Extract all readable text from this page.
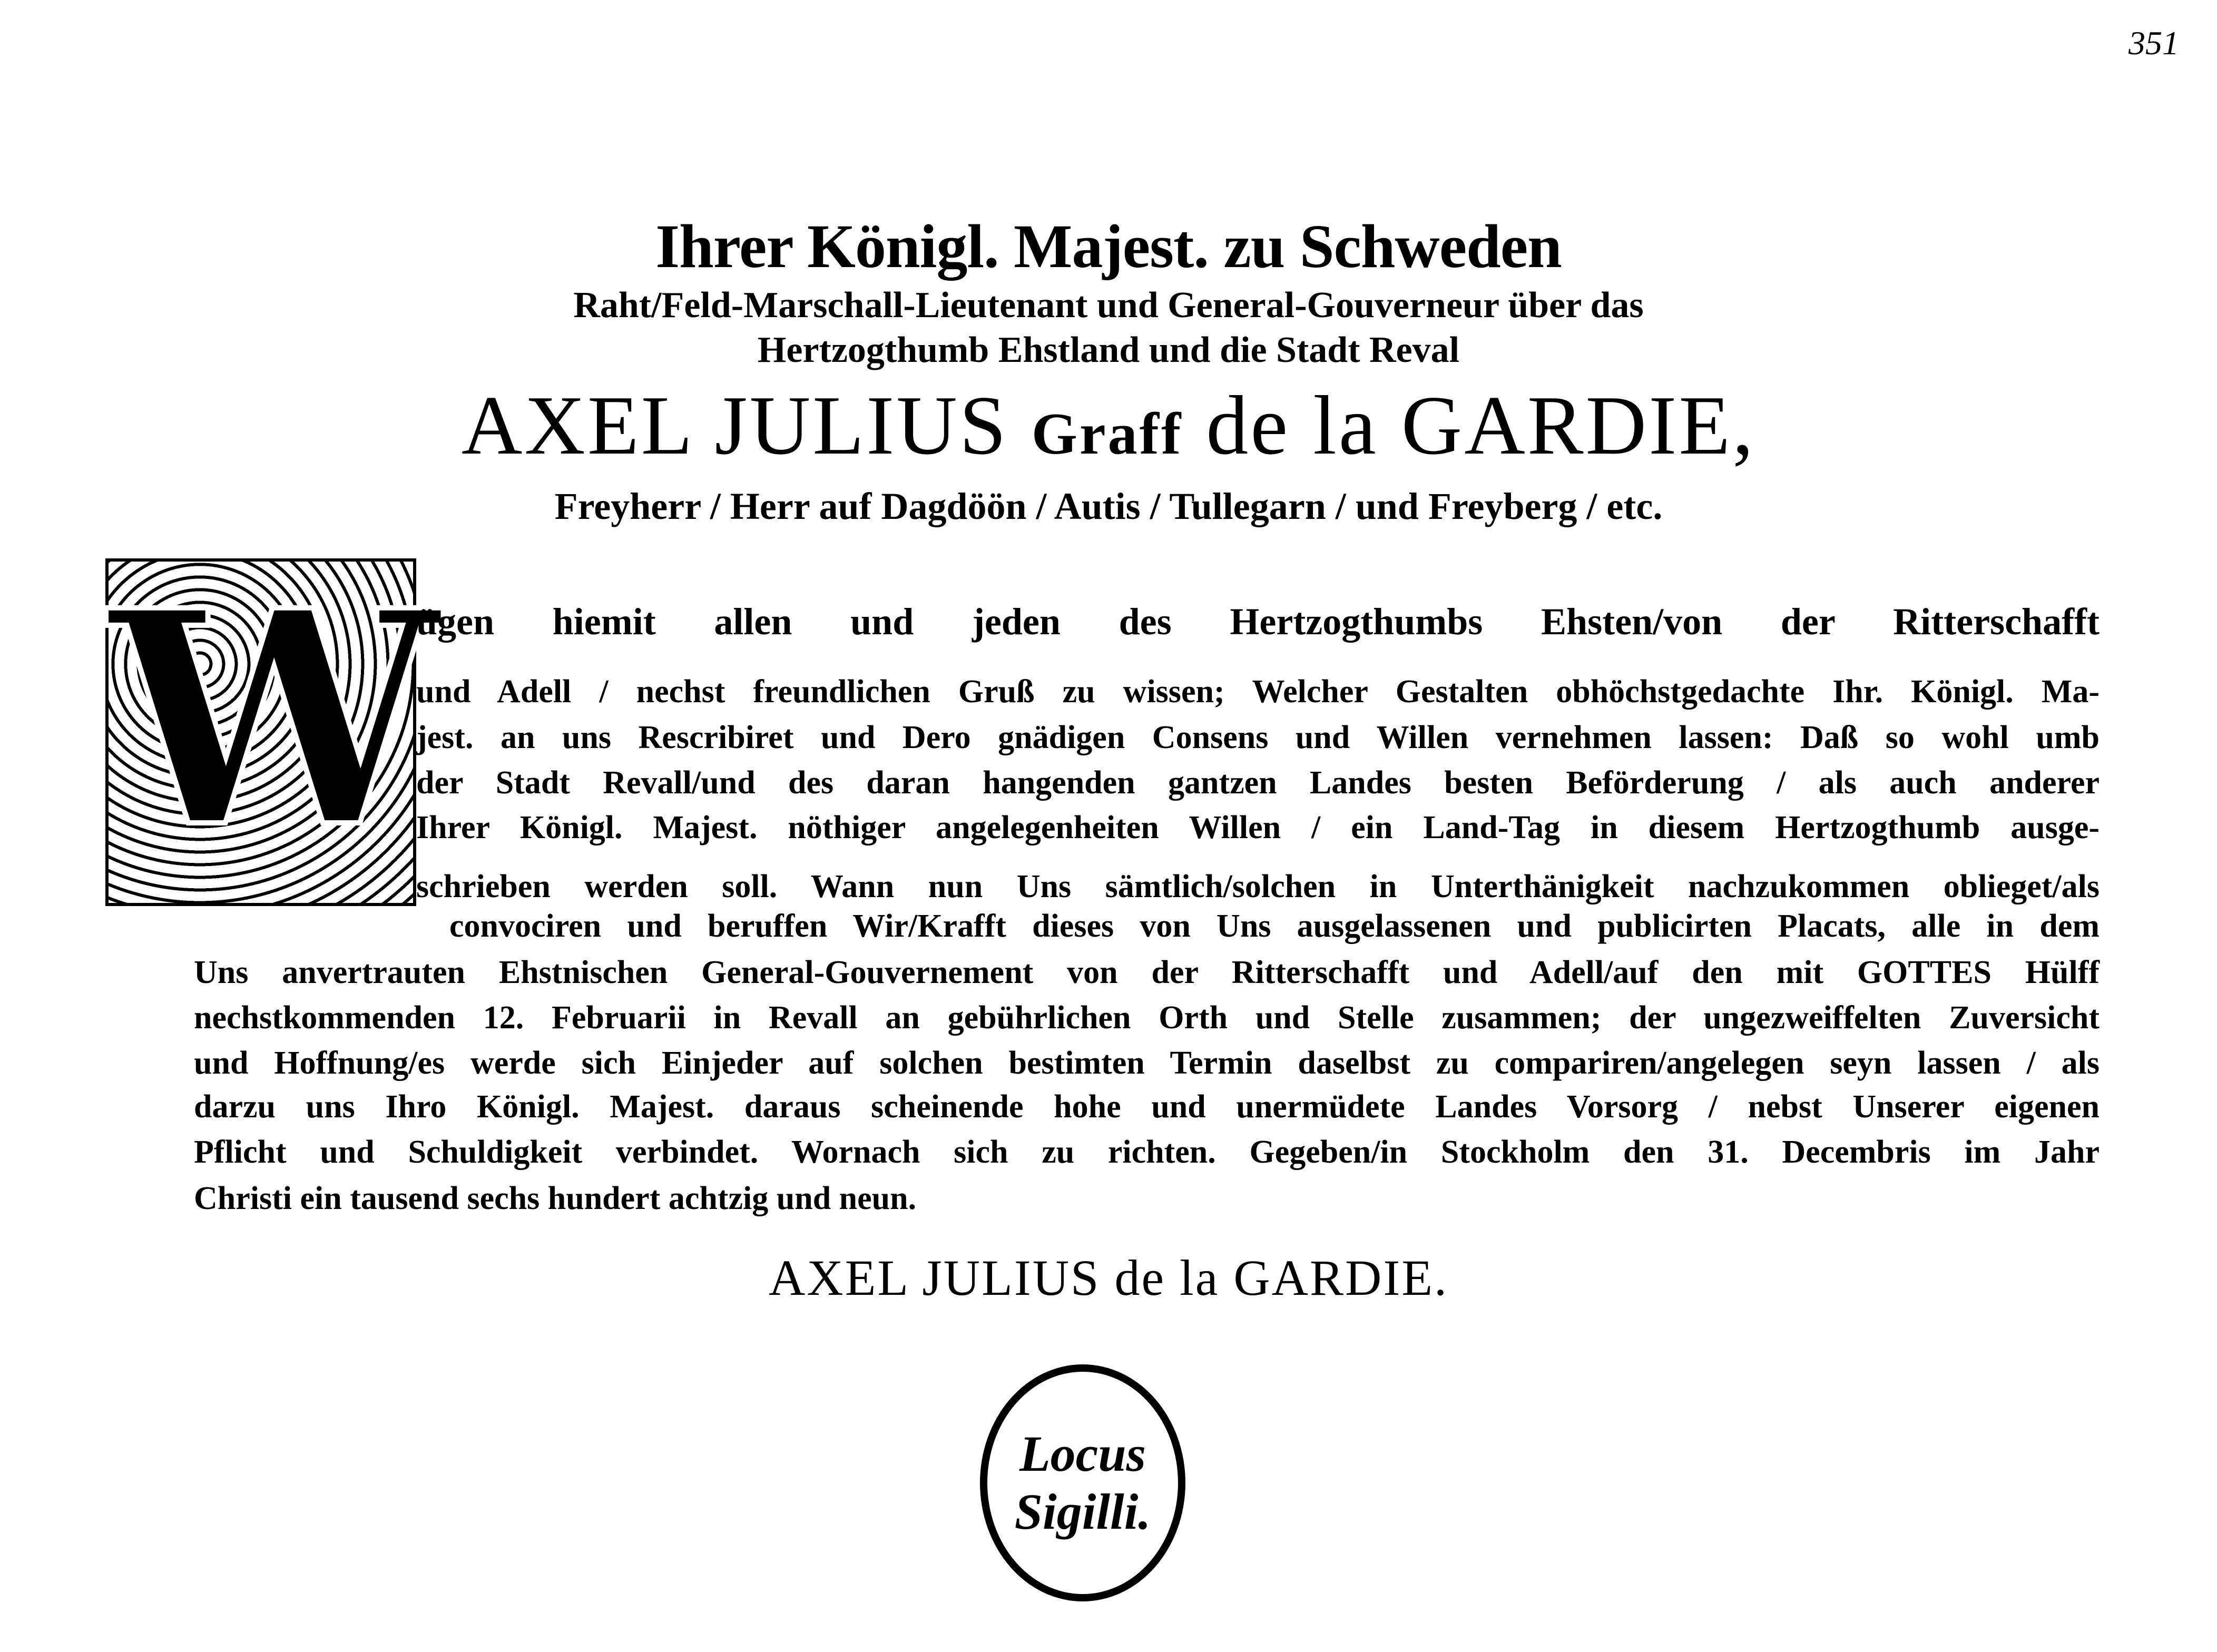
351
Ihrer Königl. Majest. zu Schweden
Raht/Feld-Marschall-Lieutenant und General-Gouverneur über das
Hertzogthumb Ehstland und die Stadt Reval
AXEL JULIUS Graff de la GARDIE,
Freyherr / Herr auf Dagdöön / Autis / Tullegarn / und Freyberg / etc.
W
ügen hiemit allen und jeden des Hertzogthumbs Ehsten/von der Ritterschafft
und Adell / nechst freundlichen Gruß zu wissen; Welcher Gestalten obhöchstgedachte Ihr. Königl. Ma-
jest. an uns Rescribiret und Dero gnädigen Consens und Willen vernehmen lassen: Daß so wohl umb
der Stadt Revall/und des daran hangenden gantzen Landes besten Beförderung / als auch anderer
Ihrer Königl. Majest. nöthiger angelegenheiten Willen / ein Land-Tag in diesem Hertzogthumb ausge-
schrieben werden soll. Wann nun Uns sämtlich/solchen in Unterthänigkeit nachzukommen oblieget/als
convociren und beruffen Wir/Krafft dieses von Uns ausgelassenen und publicirten Placats, alle in dem
Uns anvertrauten Ehstnischen General-Gouvernement von der Ritterschafft und Adell/auf den mit GOTTES Hülff
nechstkommenden 12. Februarii in Revall an gebührlichen Orth und Stelle zusammen; der ungezweiffelten Zuversicht
und Hoffnung/es werde sich Einjeder auf solchen bestimten Termin daselbst zu compariren/angelegen seyn lassen / als
darzu uns Ihro Königl. Majest. daraus scheinende hohe und unermüdete Landes Vorsorg / nebst Unserer eigenen
Pflicht und Schuldigkeit verbindet. Wornach sich zu richten. Gegeben/in Stockholm den 31. Decembris im Jahr
Christi ein tausend sechs hundert achtzig und neun.
AXEL JULIUS de la GARDIE.
Locus
Sigilli.
